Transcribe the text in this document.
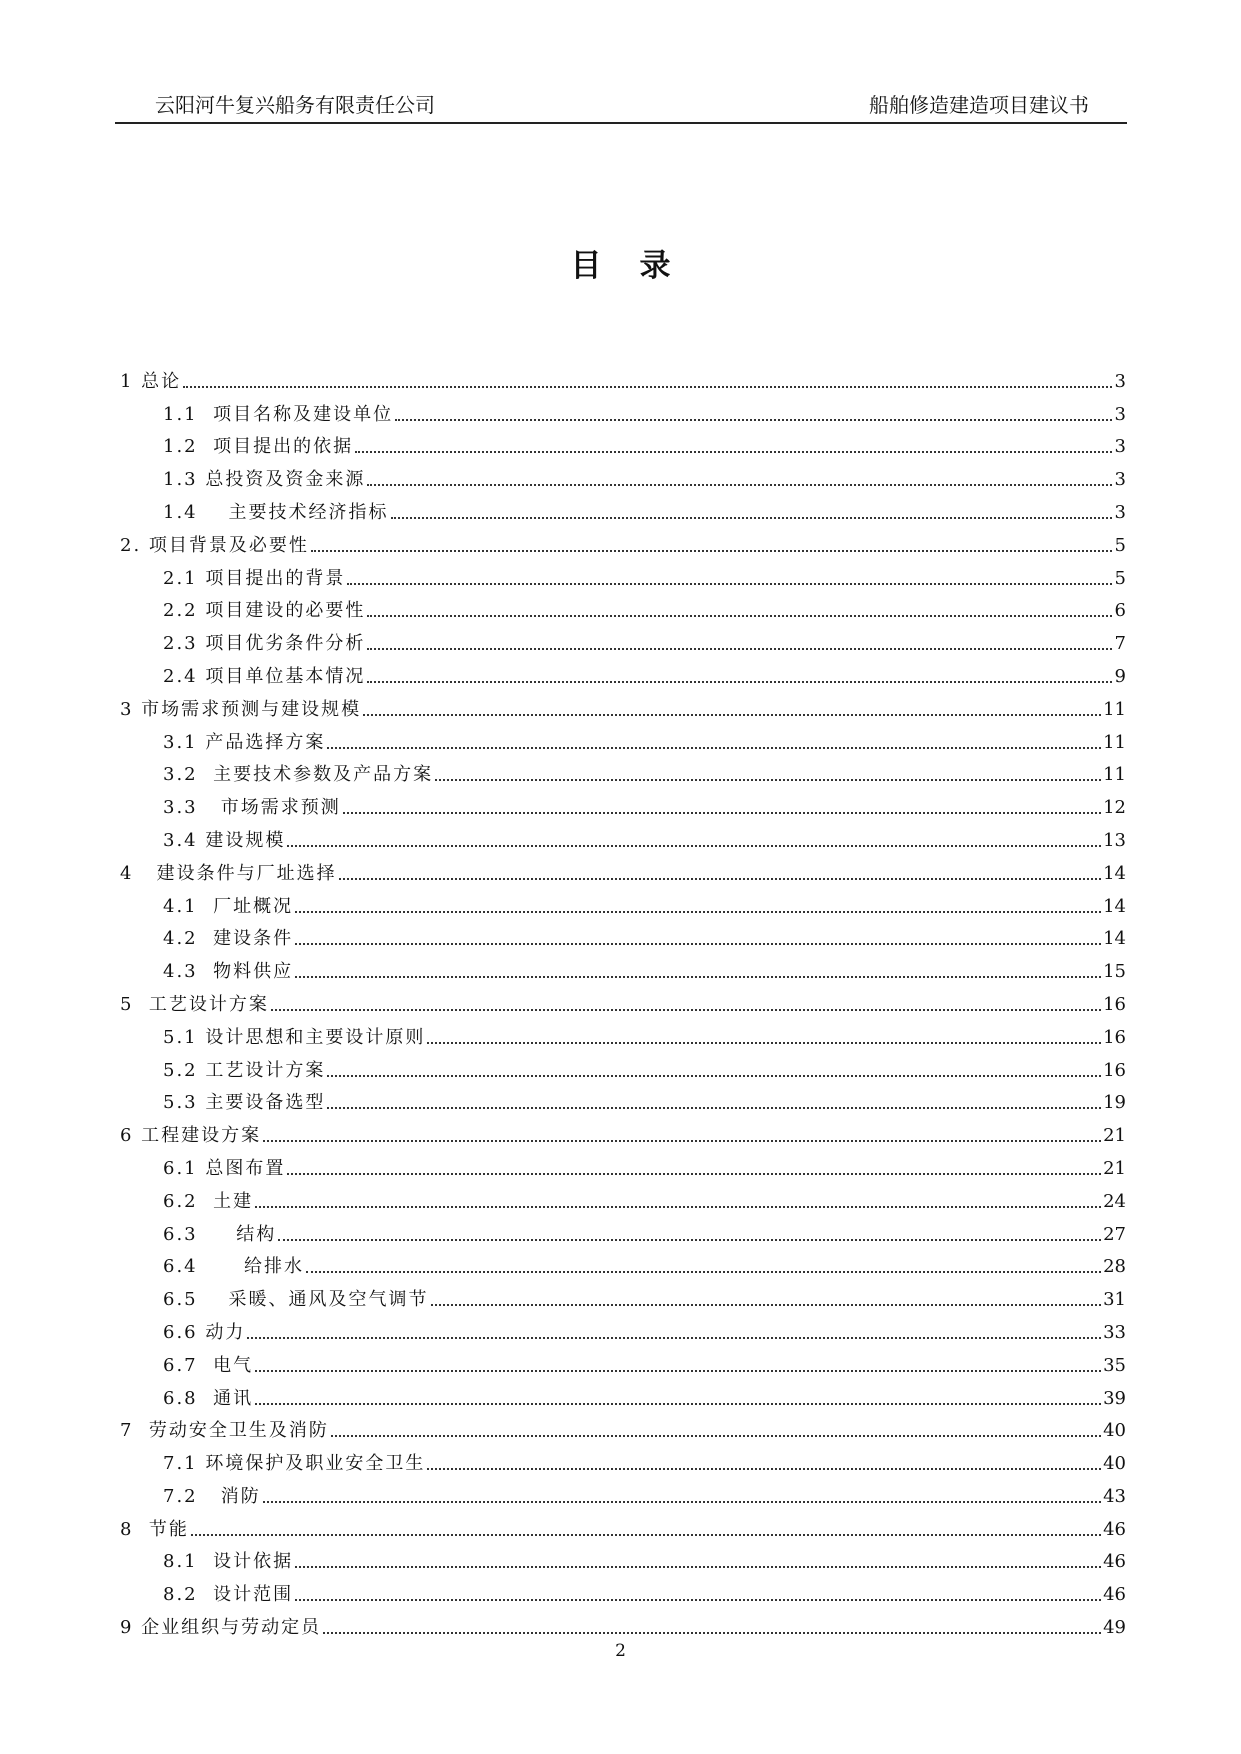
云阳河牛复兴船务有限责任公司	船舶修造建造项目建议书
目录
1 总论	3
1.1  项目名称及建设单位	3
1.2  项目提出的依据	3
1.3 总投资及资金来源	3
1.4    主要技术经济指标	3
2. 项目背景及必要性	5
2.1 项目提出的背景	5
2.2 项目建设的必要性	6
2.3 项目优劣条件分析	7
2.4 项目单位基本情况	9
3 市场需求预测与建设规模	11
3.1 产品选择方案	11
3.2  主要技术参数及产品方案	11
3.3   市场需求预测	12
3.4 建设规模	13
4   建设条件与厂址选择	14
4.1  厂址概况	14
4.2  建设条件	14
4.3  物料供应	15
5  工艺设计方案	16
5.1 设计思想和主要设计原则	16
5.2 工艺设计方案	16
5.3 主要设备选型	19
6 工程建设方案	21
6.1 总图布置	21
6.2  土建	24
6.3     结构	27
6.4      给排水	28
6.5    采暖、通风及空气调节	31
6.6 动力	33
6.7  电气	35
6.8  通讯	39
7  劳动安全卫生及消防	40
7.1 环境保护及职业安全卫生	40
7.2   消防	43
8  节能	46
8.1  设计依据	46
8.2  设计范围	46
9 企业组织与劳动定员	49
2
